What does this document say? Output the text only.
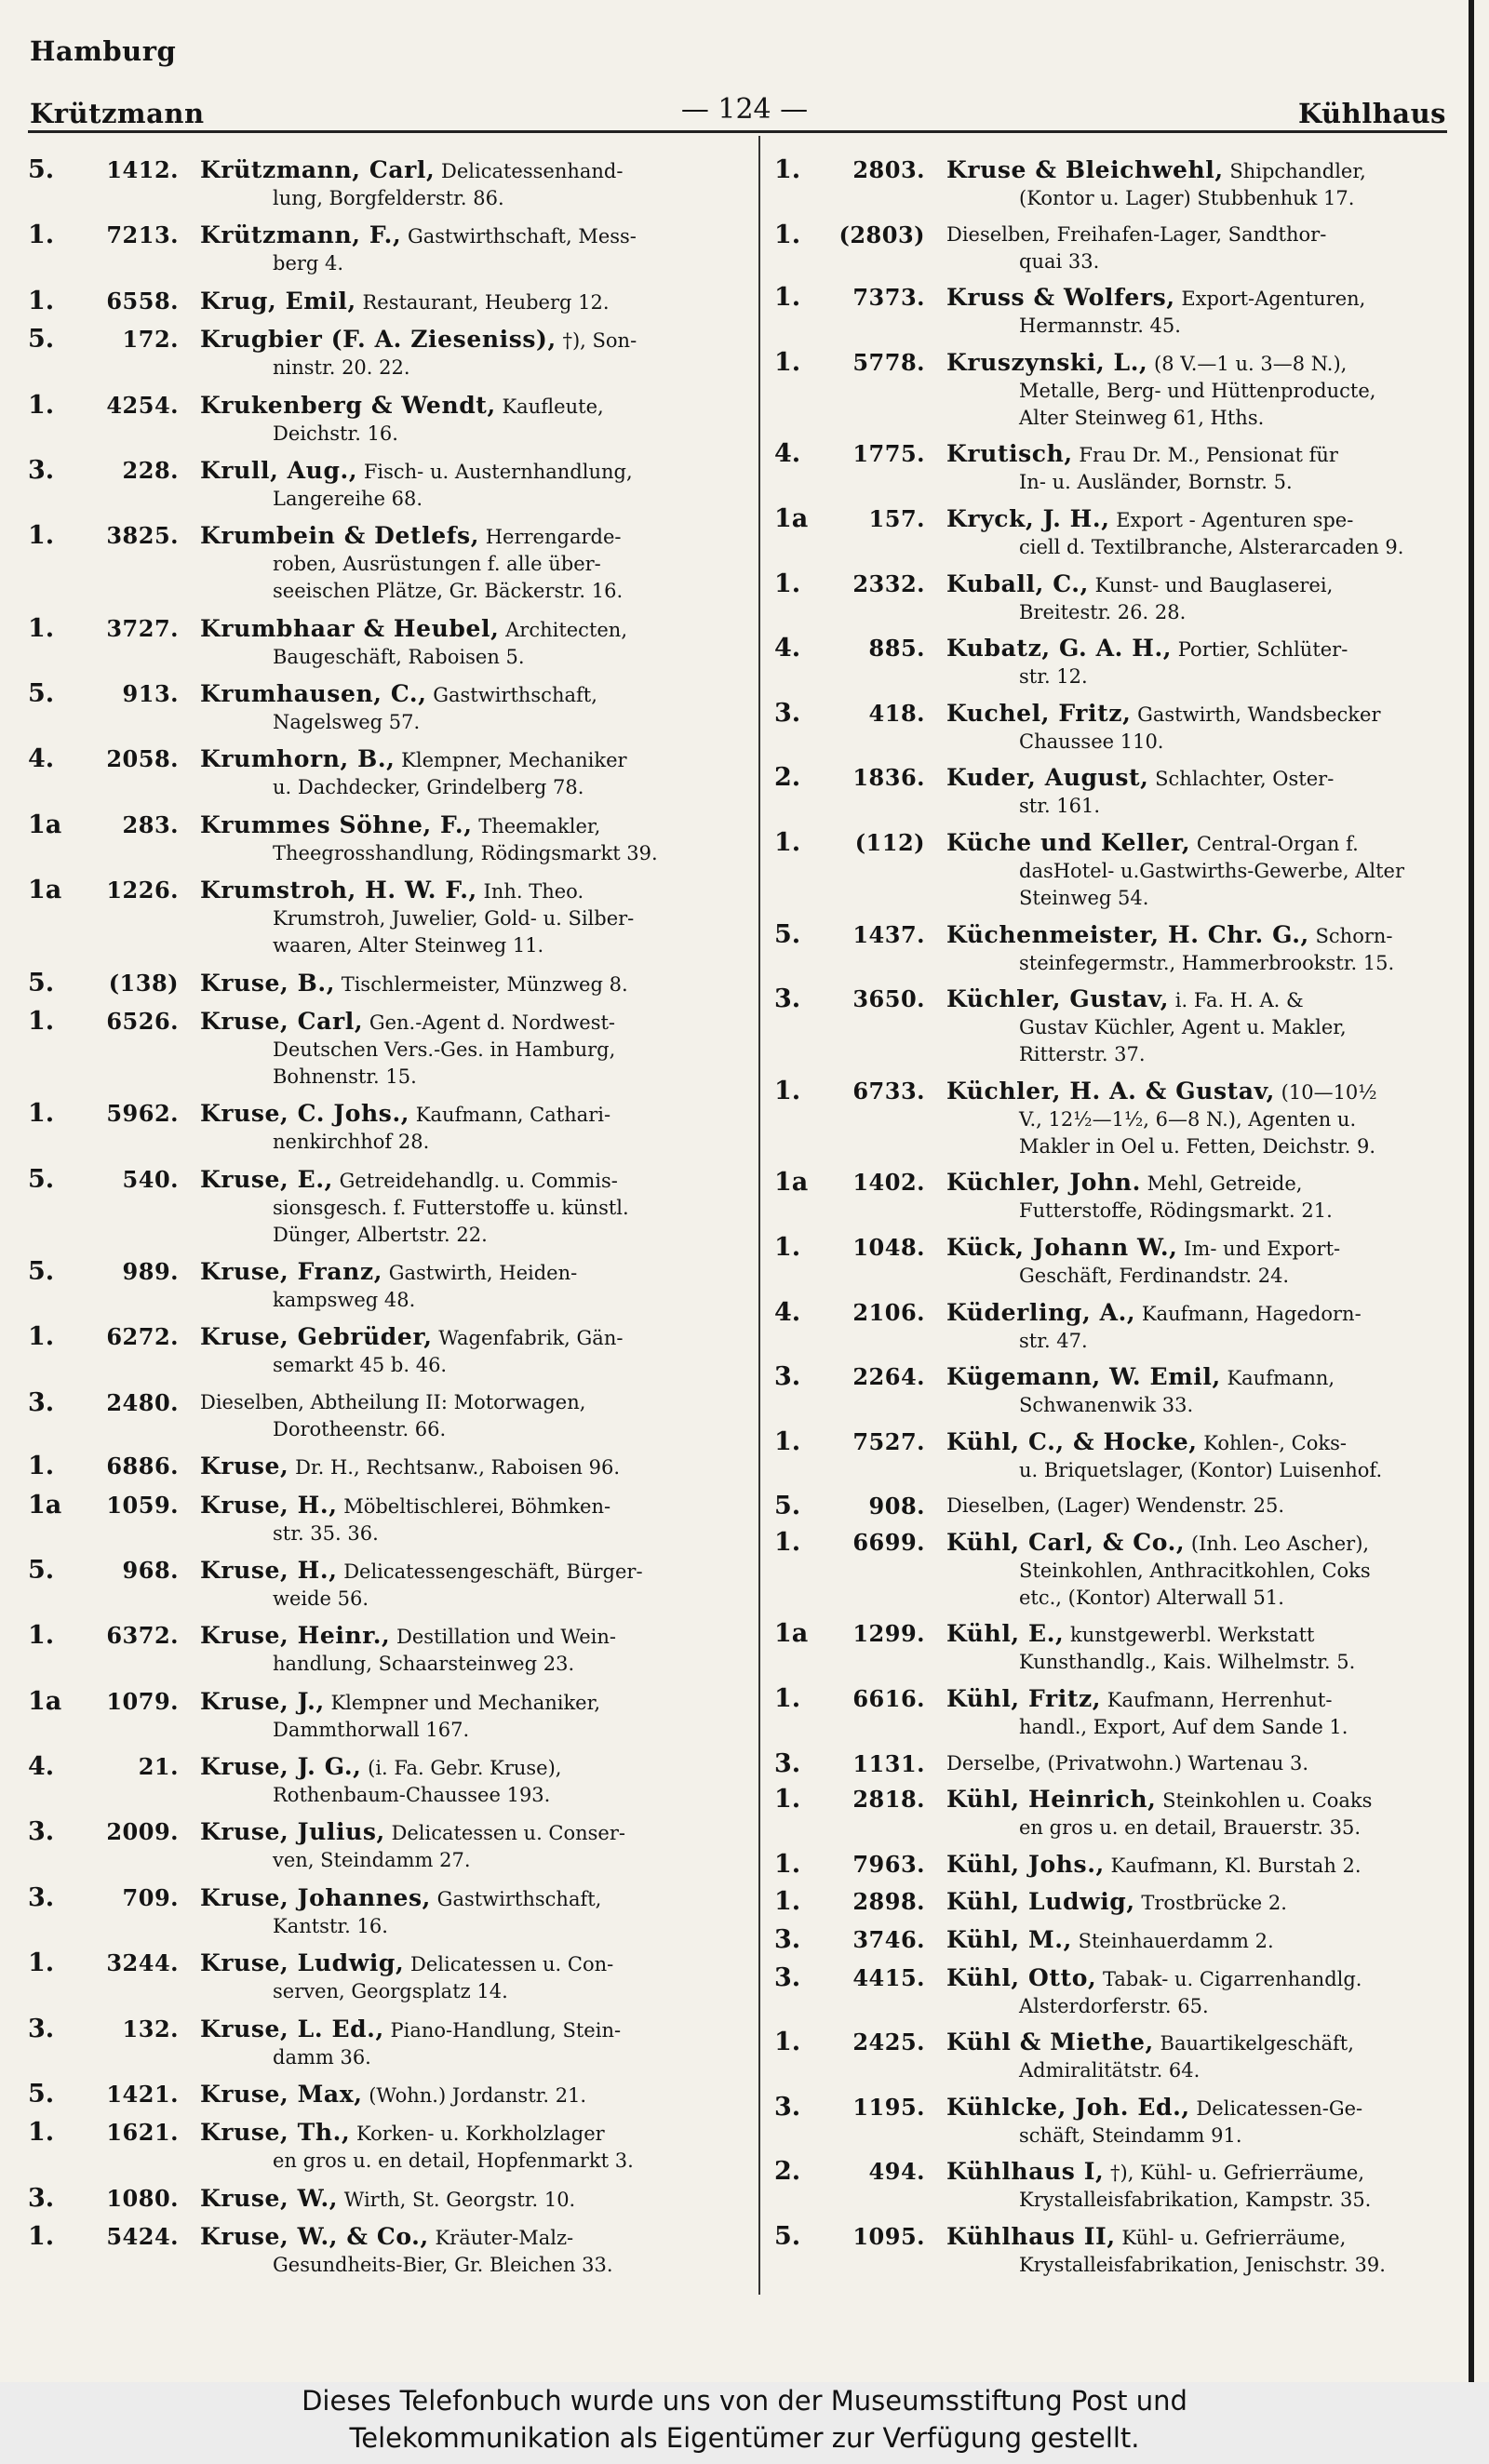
Hamburg
Krützmann	— 124 —	Kühlhaus
5.	1412. Krützmann, Carl, Delicatessenhand-
lung, Borgfelderstr. 86.
1.	7213. Krützmann, F., Gastwirthschaft, Mess-
berg 4.
1.	6558. Krug, Emil, Restaurant, Heuberg 12.
5.	172. Krugbier (F. A. Zieseniss), †), Son-
ninstr. 20. 22.
1.	4254. Krukenberg & Wendt, Kaufleute,
Deichstr. 16.
3.	228. Krull, Aug., Fisch- u. Austernhandlung,
Langereihe 68.
1.	3825. Krumbein & Detlefs, Herrengarde-
roben, Ausrüstungen f. alle über-
seeischen Plätze, Gr. Bäckerstr. 16.
1.	3727. Krumbhaar & Heubel, Architecten,
Baugeschäft, Raboisen 5.
5.	913. Krumhausen, C., Gastwirthschaft,
Nagelsweg 57.
4.	2058. Krumhorn, B., Klempner, Mechaniker
u. Dachdecker, Grindelberg 78.
1a	283. Krummes Söhne, F., Theemakler,
Theegrosshandlung, Rödingsmarkt 39.
1a	1226. Krumstroh, H. W. F., Inh. Theo.
Krumstroh, Juwelier, Gold- u. Silber-
waaren, Alter Steinweg 11.
5.	(138) Kruse, B., Tischlermeister, Münzweg 8.
1.	6526. Kruse, Carl, Gen.-Agent d. Nordwest-
Deutschen Vers.-Ges. in Hamburg,
Bohnenstr. 15.
1.	5962. Kruse, C. Johs., Kaufmann, Cathari-
nenkirchhof 28.
5.	540. Kruse, E., Getreidehandlg. u. Commis-
sionsgesch. f. Futterstoffe u. künstl.
Dünger, Albertstr. 22.
5.	989. Kruse, Franz, Gastwirth, Heiden-
kampsweg 48.
1.	6272. Kruse, Gebrüder, Wagenfabrik, Gän-
semarkt 45 b. 46.
3.	2480.	Dieselben, Abtheilung II: Motorwagen,
Dorotheenstr. 66.
1.	6886. Kruse, Dr. H., Rechtsanw., Raboisen 96.
1a	1059. Kruse, H., Möbeltischlerei, Böhmken-
str. 35. 36.
5.	968. Kruse, H., Delicatessengeschäft, Bürger-
weide 56.
1.	6372. Kruse, Heinr., Destillation und Wein-
handlung, Schaarsteinweg 23.
1a	1079. Kruse, J., Klempner und Mechaniker,
Dammthorwall 167.
4.	21. Kruse, J. G., (i. Fa. Gebr. Kruse),
Rothenbaum-Chaussee 193.
3.	2009. Kruse, Julius, Delicatessen u. Conser-
ven, Steindamm 27.
3.	709. Kruse, Johannes, Gastwirthschaft,
Kantstr. 16.
1.	3244. Kruse, Ludwig, Delicatessen u. Con-
serven, Georgsplatz 14.
3.	132. Kruse, L. Ed., Piano-Handlung, Stein-
damm 36.
5.	1421. Kruse, Max, (Wohn.) Jordanstr. 21.
1.	1621. Kruse, Th., Korken- u. Korkholzlager
en gros u. en detail, Hopfenmarkt 3.
3.	1080. Kruse, W., Wirth, St. Georgstr. 10.
1.	5424. Kruse, W., & Co., Kräuter-Malz-
Gesundheits-Bier, Gr. Bleichen 33.
1.	2803. Kruse & Bleichwehl, Shipchandler,
(Kontor u. Lager) Stubbenhuk 17.
1.	(2803)	Dieselben, Freihafen-Lager, Sandthor-
quai 33.
1.	7373. Kruss & Wolfers, Export-Agenturen,
Hermannstr. 45.
1.	5778. Kruszynski, L., (8 V.—1 u. 3—8 N.),
Metalle, Berg- und Hüttenproducte,
Alter Steinweg 61, Hths.
4.	1775. Krutisch, Frau Dr. M., Pensionat für
In- u. Ausländer, Bornstr. 5.
1a	157. Kryck, J. H., Export - Agenturen spe-
ciell d. Textilbranche, Alsterarcaden 9.
1.	2332. Kuball, C., Kunst- und Bauglaserei,
Breitestr. 26. 28.
4.	885. Kubatz, G. A. H., Portier, Schlüter-
str. 12.
3.	418. Kuchel, Fritz, Gastwirth, Wandsbecker
Chaussee 110.
2.	1836. Kuder, August, Schlachter, Oster-
str. 161.
1.	(112) Küche und Keller, Central-Organ f.
dasHotel- u.Gastwirths-Gewerbe, Alter
Steinweg 54.
5.	1437. Küchenmeister, H. Chr. G., Schorn-
steinfegermstr., Hammerbrookstr. 15.
3.	3650. Küchler, Gustav, i. Fa. H. A. &
Gustav Küchler, Agent u. Makler,
Ritterstr. 37.
1.	6733. Küchler, H. A. & Gustav, (10—10½
V., 12½—1½, 6—8 N.), Agenten u.
Makler in Oel u. Fetten, Deichstr. 9.
1a	1402. Küchler, John. Mehl, Getreide,
Futterstoffe, Rödingsmarkt. 21.
1.	1048. Kück, Johann W., Im- und Export-
Geschäft, Ferdinandstr. 24.
4.	2106. Küderling, A., Kaufmann, Hagedorn-
str. 47.
3.	2264. Kügemann, W. Emil, Kaufmann,
Schwanenwik 33.
1.	7527. Kühl, C., & Hocke, Kohlen-, Coks-
u. Briquetslager, (Kontor) Luisenhof.
5.	908.	Dieselben, (Lager) Wendenstr. 25.
1.	6699. Kühl, Carl, & Co., (Inh. Leo Ascher),
Steinkohlen, Anthracitkohlen, Coks
etc., (Kontor) Alterwall 51.
1a	1299. Kühl, E., kunstgewerbl. Werkstatt
Kunsthandlg., Kais. Wilhelmstr. 5.
1.	6616. Kühl, Fritz, Kaufmann, Herrenhut-
handl., Export, Auf dem Sande 1.
3.	1131.	Derselbe, (Privatwohn.) Wartenau 3.
1.	2818. Kühl, Heinrich, Steinkohlen u. Coaks
en gros u. en detail, Brauerstr. 35.
1.	7963. Kühl, Johs., Kaufmann, Kl. Burstah 2.
1.	2898. Kühl, Ludwig, Trostbrücke 2.
3.	3746. Kühl, M., Steinhauerdamm 2.
3.	4415. Kühl, Otto, Tabak- u. Cigarrenhandlg.
Alsterdorferstr. 65.
1.	2425. Kühl & Miethe, Bauartikelgeschäft,
Admiralitätstr. 64.
3.	1195. Kühlcke, Joh. Ed., Delicatessen-Ge-
schäft, Steindamm 91.
2.	494. Kühlhaus I, †), Kühl- u. Gefrierräume,
Krystalleisfabrikation, Kampstr. 35.
5.	1095. Kühlhaus II, Kühl- u. Gefrierräume,
Krystalleisfabrikation, Jenischstr. 39.

Dieses Telefonbuch wurde uns von der Museumsstiftung Post und

Telekommunikation als Eigentümer zur Verfügung gestellt.
